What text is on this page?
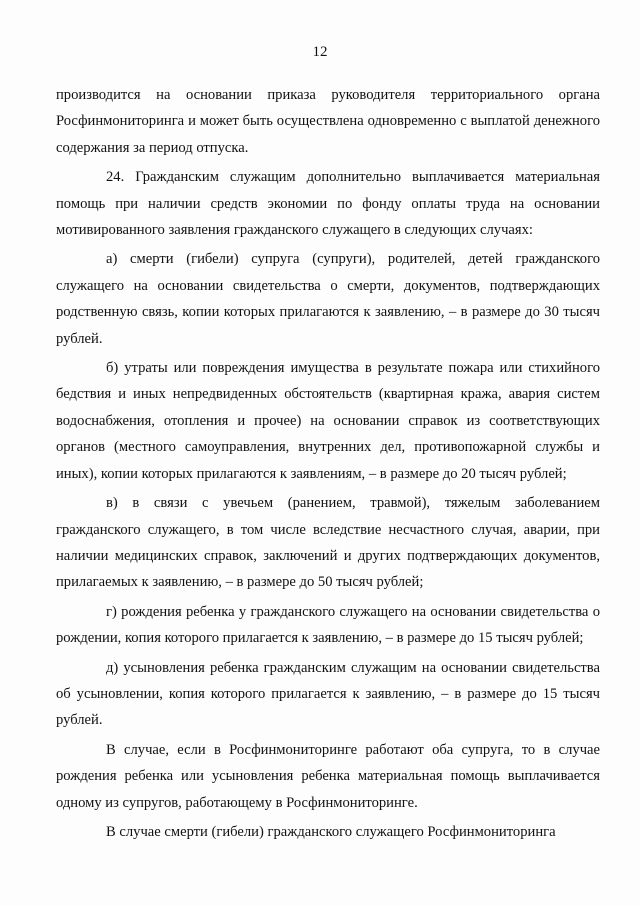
12

производится на основании приказа руководителя территориального органа Росфинмониторинга и может быть осуществлена одновременно с выплатой денежного содержания за период отпуска.

24. Гражданским служащим дополнительно выплачивается материальная помощь при наличии средств экономии по фонду оплаты труда на основании мотивированного заявления гражданского служащего в следующих случаях:

а) смерти (гибели) супруга (супруги), родителей, детей гражданского служащего на основании свидетельства о смерти, документов, подтверждающих родственную связь, копии которых прилагаются к заявлению, – в размере до 30 тысяч рублей.

б) утраты или повреждения имущества в результате пожара или стихийного бедствия и иных непредвиденных обстоятельств (квартирная кража, авария систем водоснабжения, отопления и прочее) на основании справок из соответствующих органов (местного самоуправления, внутренних дел, противопожарной службы и иных), копии которых прилагаются к заявлениям, – в размере до 20 тысяч рублей;

в) в связи с увечьем (ранением, травмой), тяжелым заболеванием гражданского служащего, в том числе вследствие несчастного случая, аварии, при наличии медицинских справок, заключений и других подтверждающих документов, прилагаемых к заявлению, – в размере до 50 тысяч рублей;

г) рождения ребенка у гражданского служащего на основании свидетельства о рождении, копия которого прилагается к заявлению, – в размере до 15 тысяч рублей;

д) усыновления ребенка гражданским служащим на основании свидетельства об усыновлении, копия которого прилагается к заявлению, – в размере до 15 тысяч рублей.

В случае, если в Росфинмониторинге работают оба супруга, то в случае рождения ребенка или усыновления ребенка материальная помощь выплачивается одному из супругов, работающему в Росфинмониторинге.

В случае смерти (гибели) гражданского служащего Росфинмониторинга
